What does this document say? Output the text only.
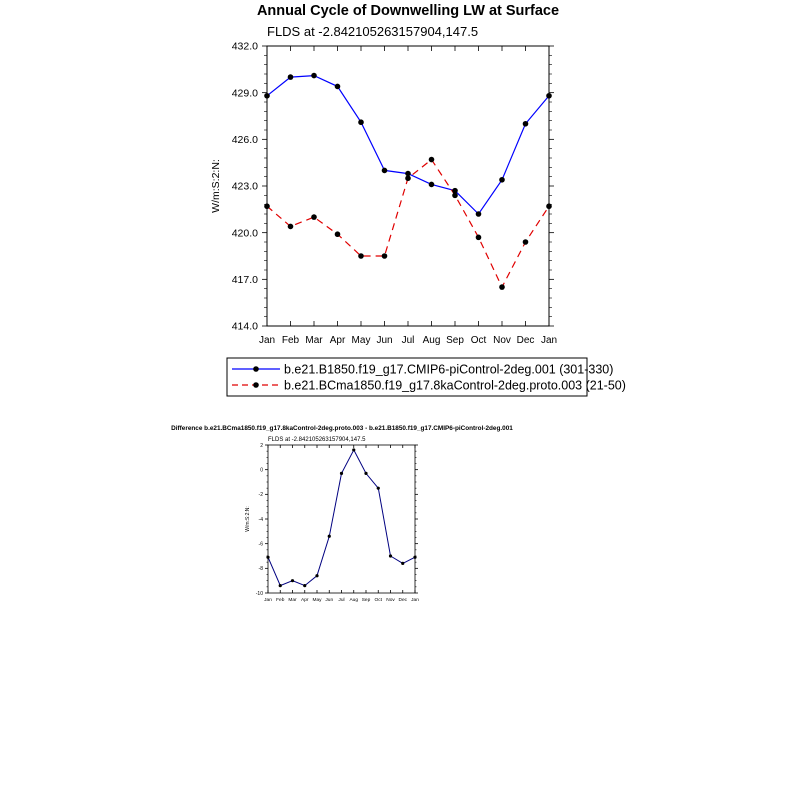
Annual Cycle of Downwelling LW at Surface
FLDS at -2.842105263157904,147.5
W/m:S:2:N:
414.0
417.0
420.0
423.0
426.0
429.0
432.0
Jan Feb Mar Apr May Jun Jul Aug Sep Oct Nov Dec Jan
b.e21.B1850.f19_g17.CMIP6-piControl-2deg.001 (301-330)
b.e21.BCma1850.f19_g17.8kaControl-2deg.proto.003 (21-50)
Difference b.e21.BCma1850.f19_g17.8kaControl-2deg.proto.003 - b.e21.B1850.f19_g17.CMIP6-piControl-2deg.001
FLDS at -2.842105263157904,147.5
W/m:S:2:N:
-10
-8
-6
-4
-2
0
2
Jan Feb Mar Apr May Jun Jul Aug Sep Oct Nov Dec Jan
